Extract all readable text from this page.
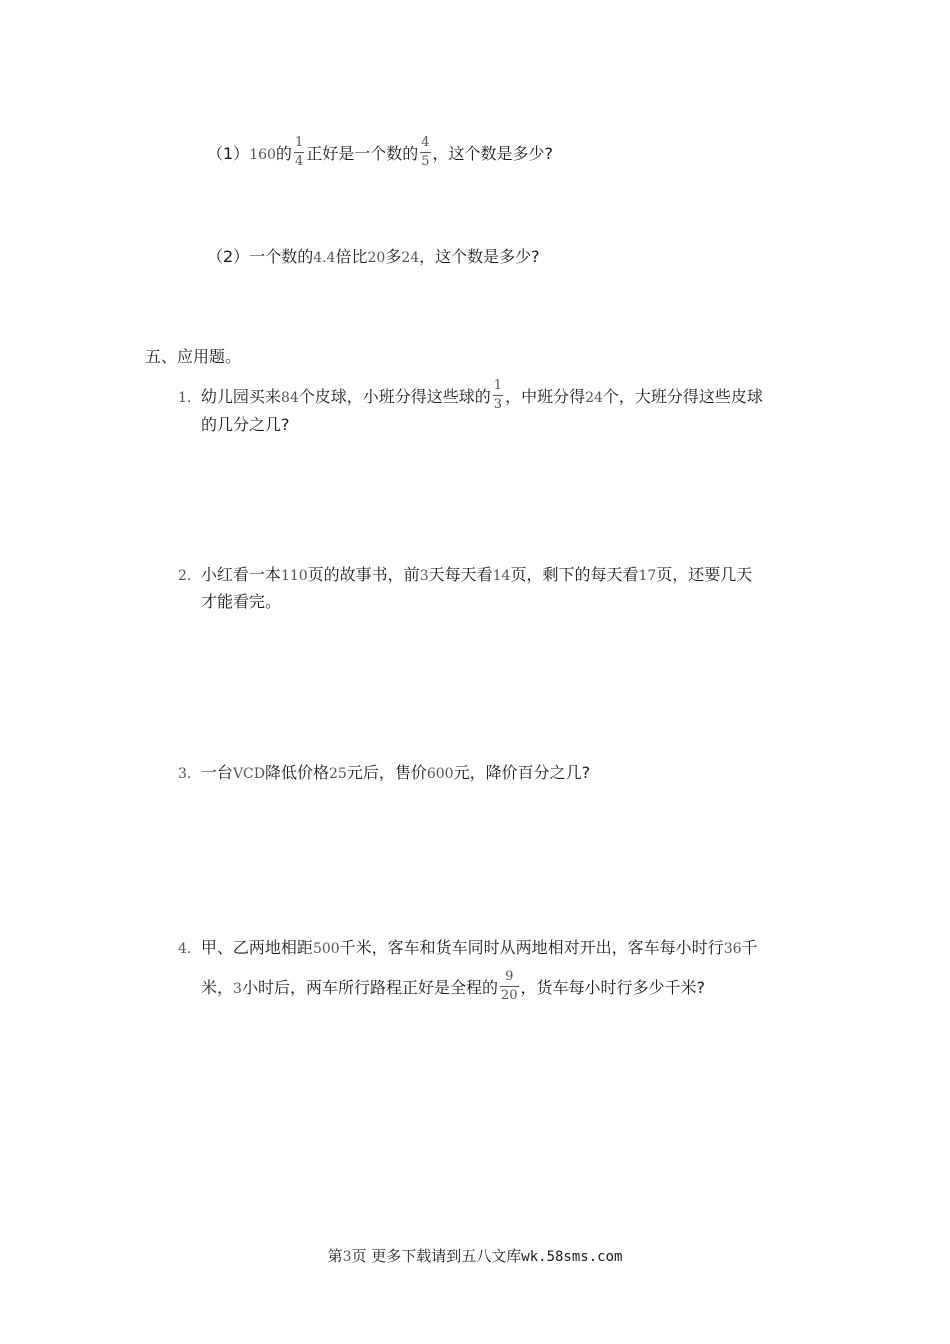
（1）160的 $\frac{1}{4}$ 正好是一个数的 $\frac{4}{5}$ ，这个数是多少?
（2）一个数的4.4倍比20多24，这个数是多少?
五、应用题。
1．幼儿园买来84个皮球，小班分得这些球的 $\frac{1}{3}$ ，中班分得24个，大班分得这些皮球
的几分之几?
2．小红看一本110页的故事书，前3天每天看14页，剩下的每天看17页，还要几天
才能看完。
3．一台VCD降低价格25元后，售价600元，降价百分之几?
4．甲、乙两地相距500千米，客车和货车同时从两地相对开出，客车每小时行36千
米，3小时后，两车所行路程正好是全程的 $\frac{9}{20}$ ，货车每小时行多少千米?
第3页 更多下载请到五八文库wk.58sms.com
